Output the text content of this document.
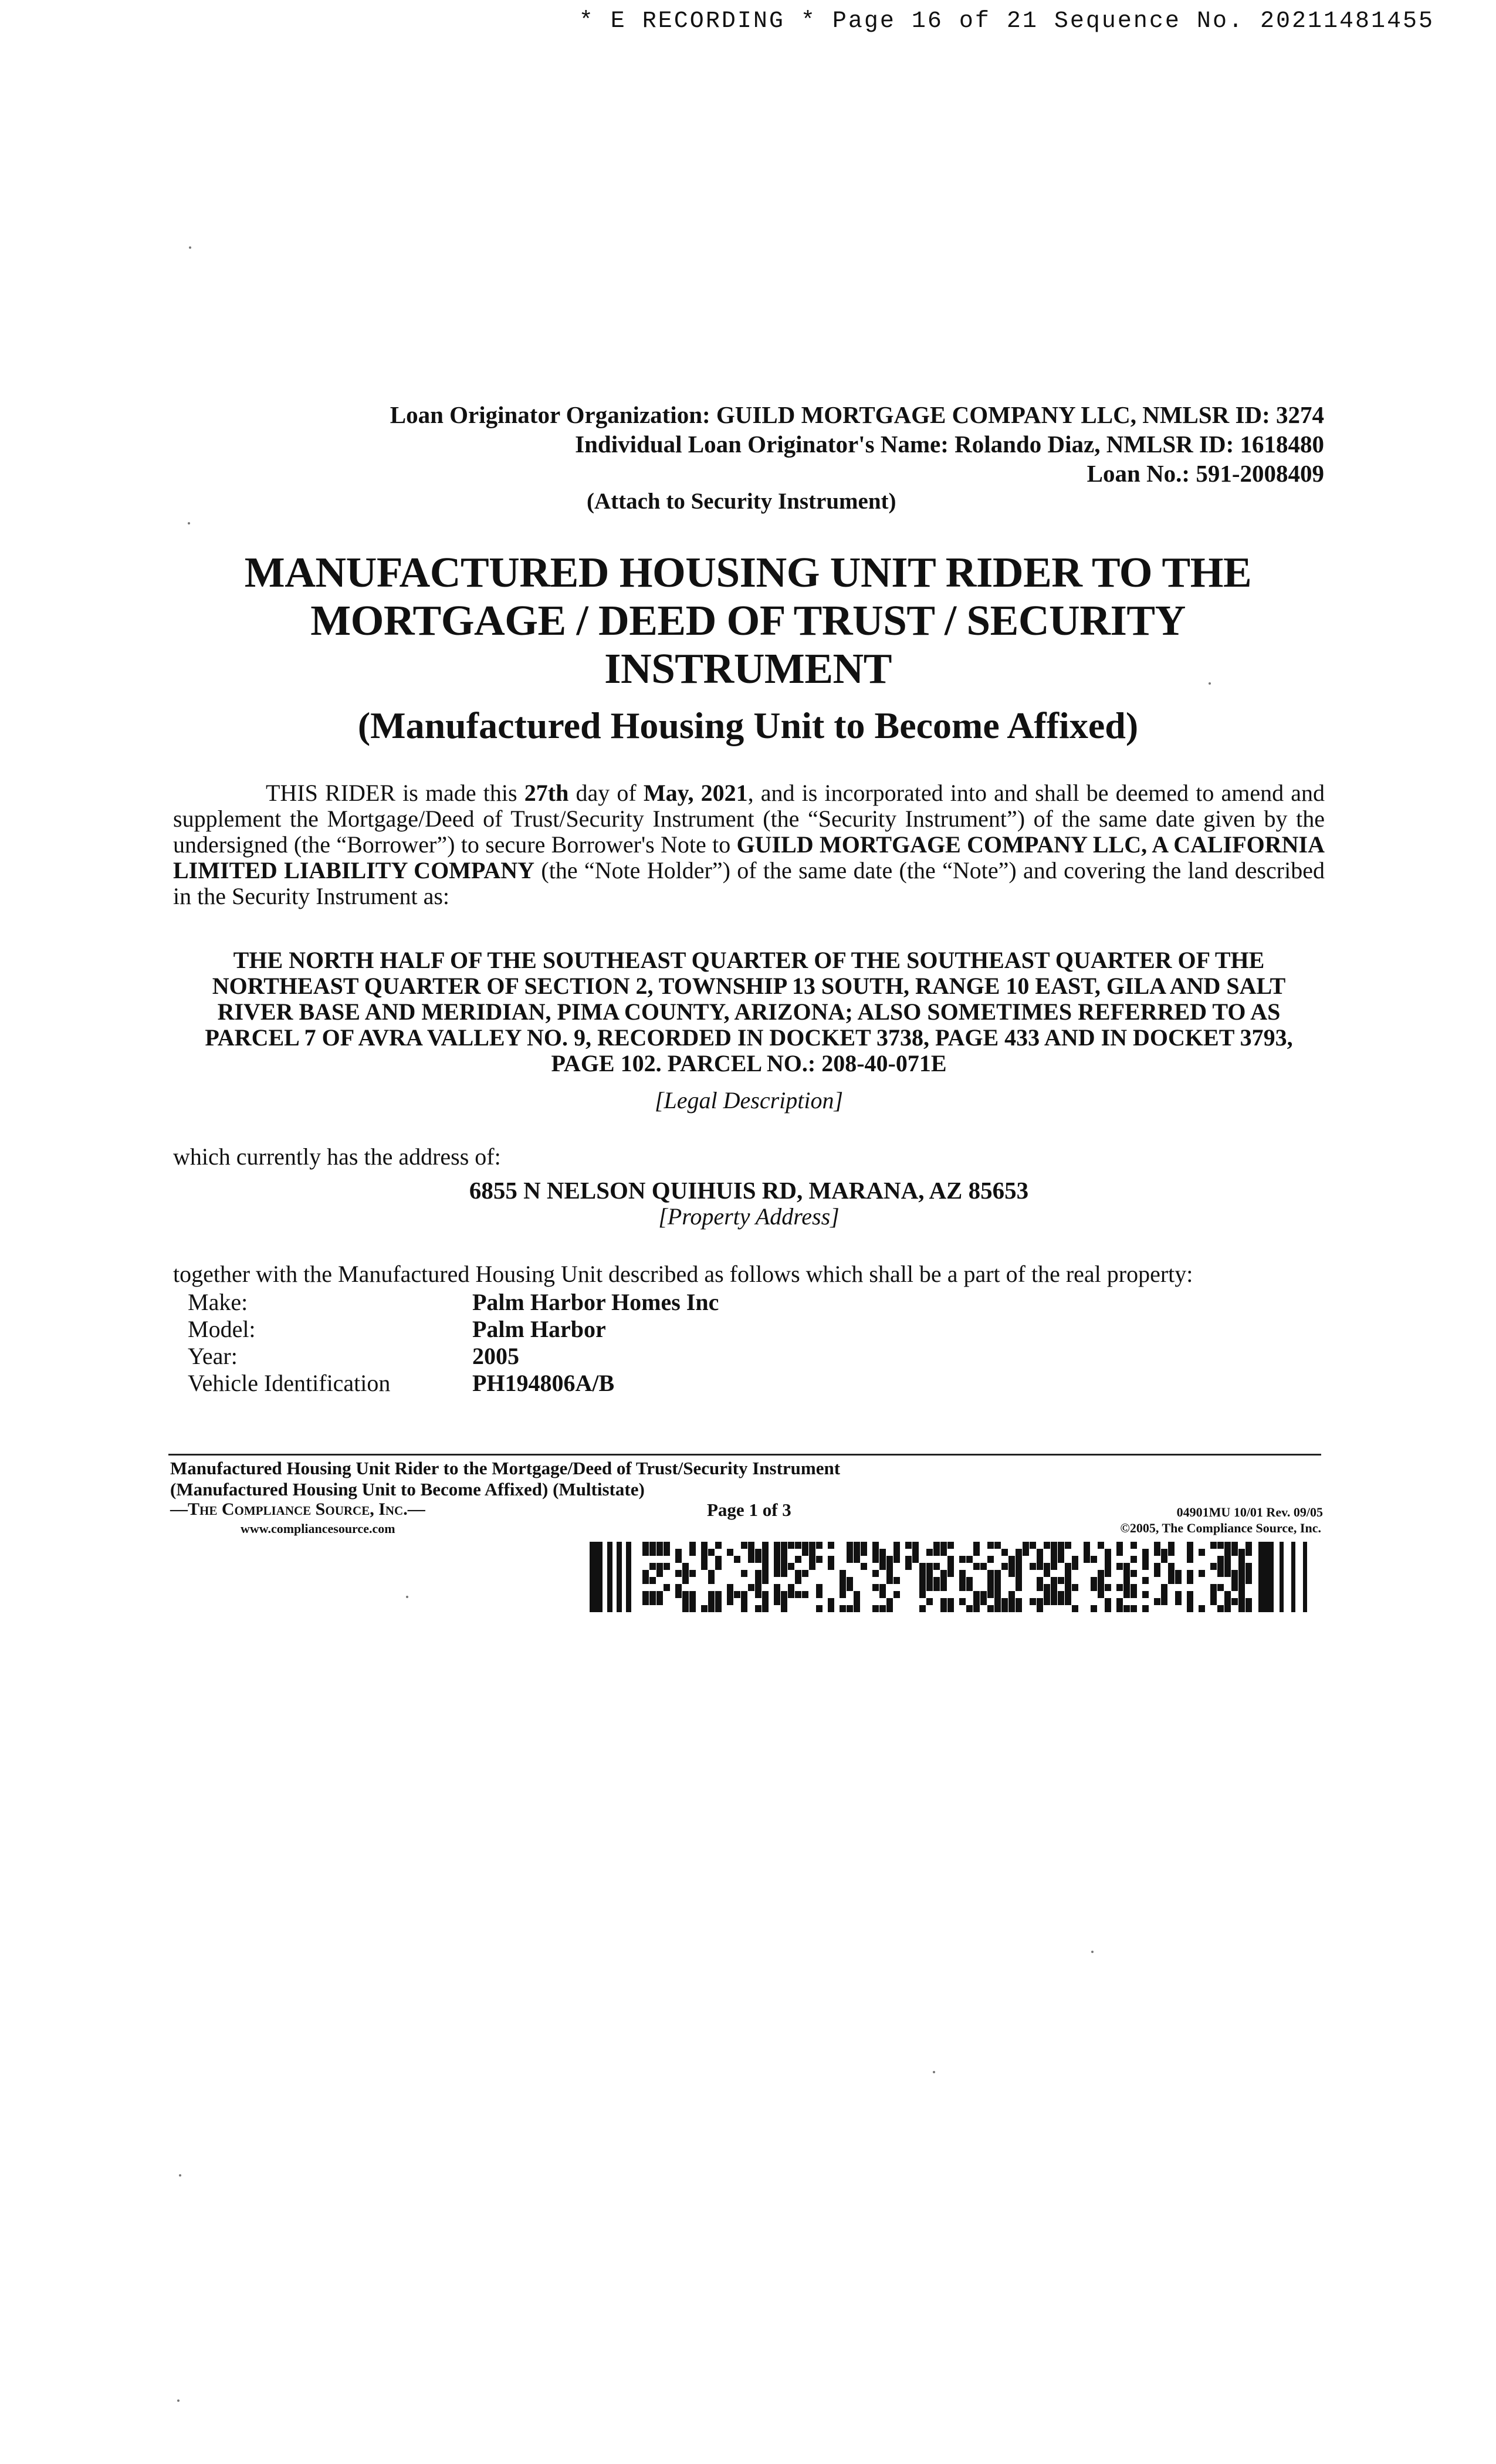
* E RECORDING * Page 16 of 21 Sequence No. 20211481455
Loan Originator Organization: GUILD MORTGAGE COMPANY LLC, NMLSR ID: 3274
Individual Loan Originator's Name: Rolando Diaz, NMLSR ID: 1618480
Loan No.: 591-2008409
(Attach to Security Instrument)
MANUFACTURED HOUSING UNIT RIDER TO THE
MORTGAGE / DEED OF TRUST / SECURITY
INSTRUMENT
(Manufactured Housing Unit to Become Affixed)
THIS RIDER is made this 27th day of May, 2021, and is incorporated into and shall be deemed to amend and supplement the Mortgage/Deed of Trust/Security Instrument (the “Security Instrument”) of the same date given by the undersigned (the “Borrower”) to secure Borrower's Note to GUILD MORTGAGE COMPANY LLC, A CALIFORNIA LIMITED LIABILITY COMPANY (the “Note Holder”) of the same date (the “Note”) and covering the land described in the Security Instrument as:
THE NORTH HALF OF THE SOUTHEAST QUARTER OF THE SOUTHEAST QUARTER OF THE
NORTHEAST QUARTER OF SECTION 2, TOWNSHIP 13 SOUTH, RANGE 10 EAST, GILA AND SALT
RIVER BASE AND MERIDIAN, PIMA COUNTY, ARIZONA; ALSO SOMETIMES REFERRED TO AS
PARCEL 7 OF AVRA VALLEY NO. 9, RECORDED IN DOCKET 3738, PAGE 433 AND IN DOCKET 3793,
PAGE 102. PARCEL NO.: 208-40-071E
[Legal Description]
which currently has the address of:
6855 N NELSON QUIHUIS RD, MARANA, AZ 85653
[Property Address]
together with the Manufactured Housing Unit described as follows which shall be a part of the real property:
Make:	Palm Harbor Homes Inc
Model:	Palm Harbor
Year:	2005
Vehicle Identification	PH194806A/B
Manufactured Housing Unit Rider to the Mortgage/Deed of Trust/Security Instrument
(Manufactured Housing Unit to Become Affixed) (Multistate)
—The Compliance Source, Inc.—
www.compliancesource.com
Page 1 of 3	04901MU 10/01 Rev. 09/05
©2005, The Compliance Source, Inc.
